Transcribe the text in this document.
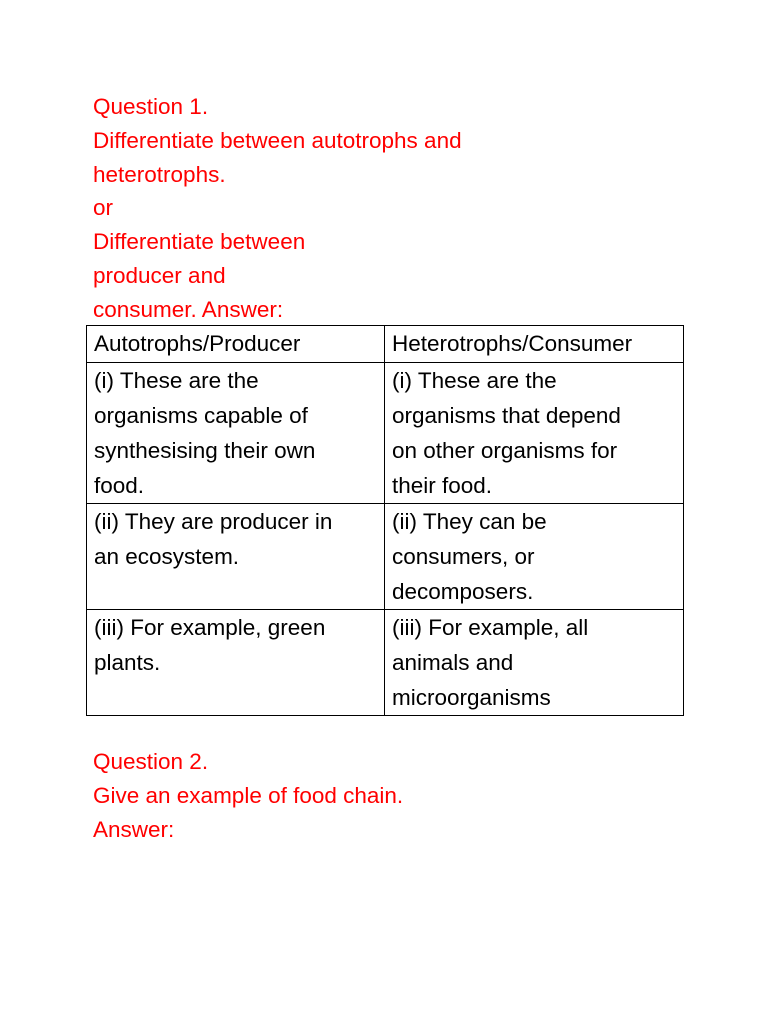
Question 1.
Differentiate between autotrophs and
heterotrophs.
or
Differentiate between
producer and
consumer. Answer:
Autotrophs/Producer	Heterotrophs/Consumer

(i) These are the
organisms capable of
synthesising their own
food.	(i) These are the
organisms that depend
on other organisms for
their food.

(ii) They are producer in
an ecosystem.	(ii) They can be
consumers, or
decomposers.

(iii) For example, green
plants.	(iii) For example, all
animals and
microorganisms
Question 2.
Give an example of food chain.
Answer:
